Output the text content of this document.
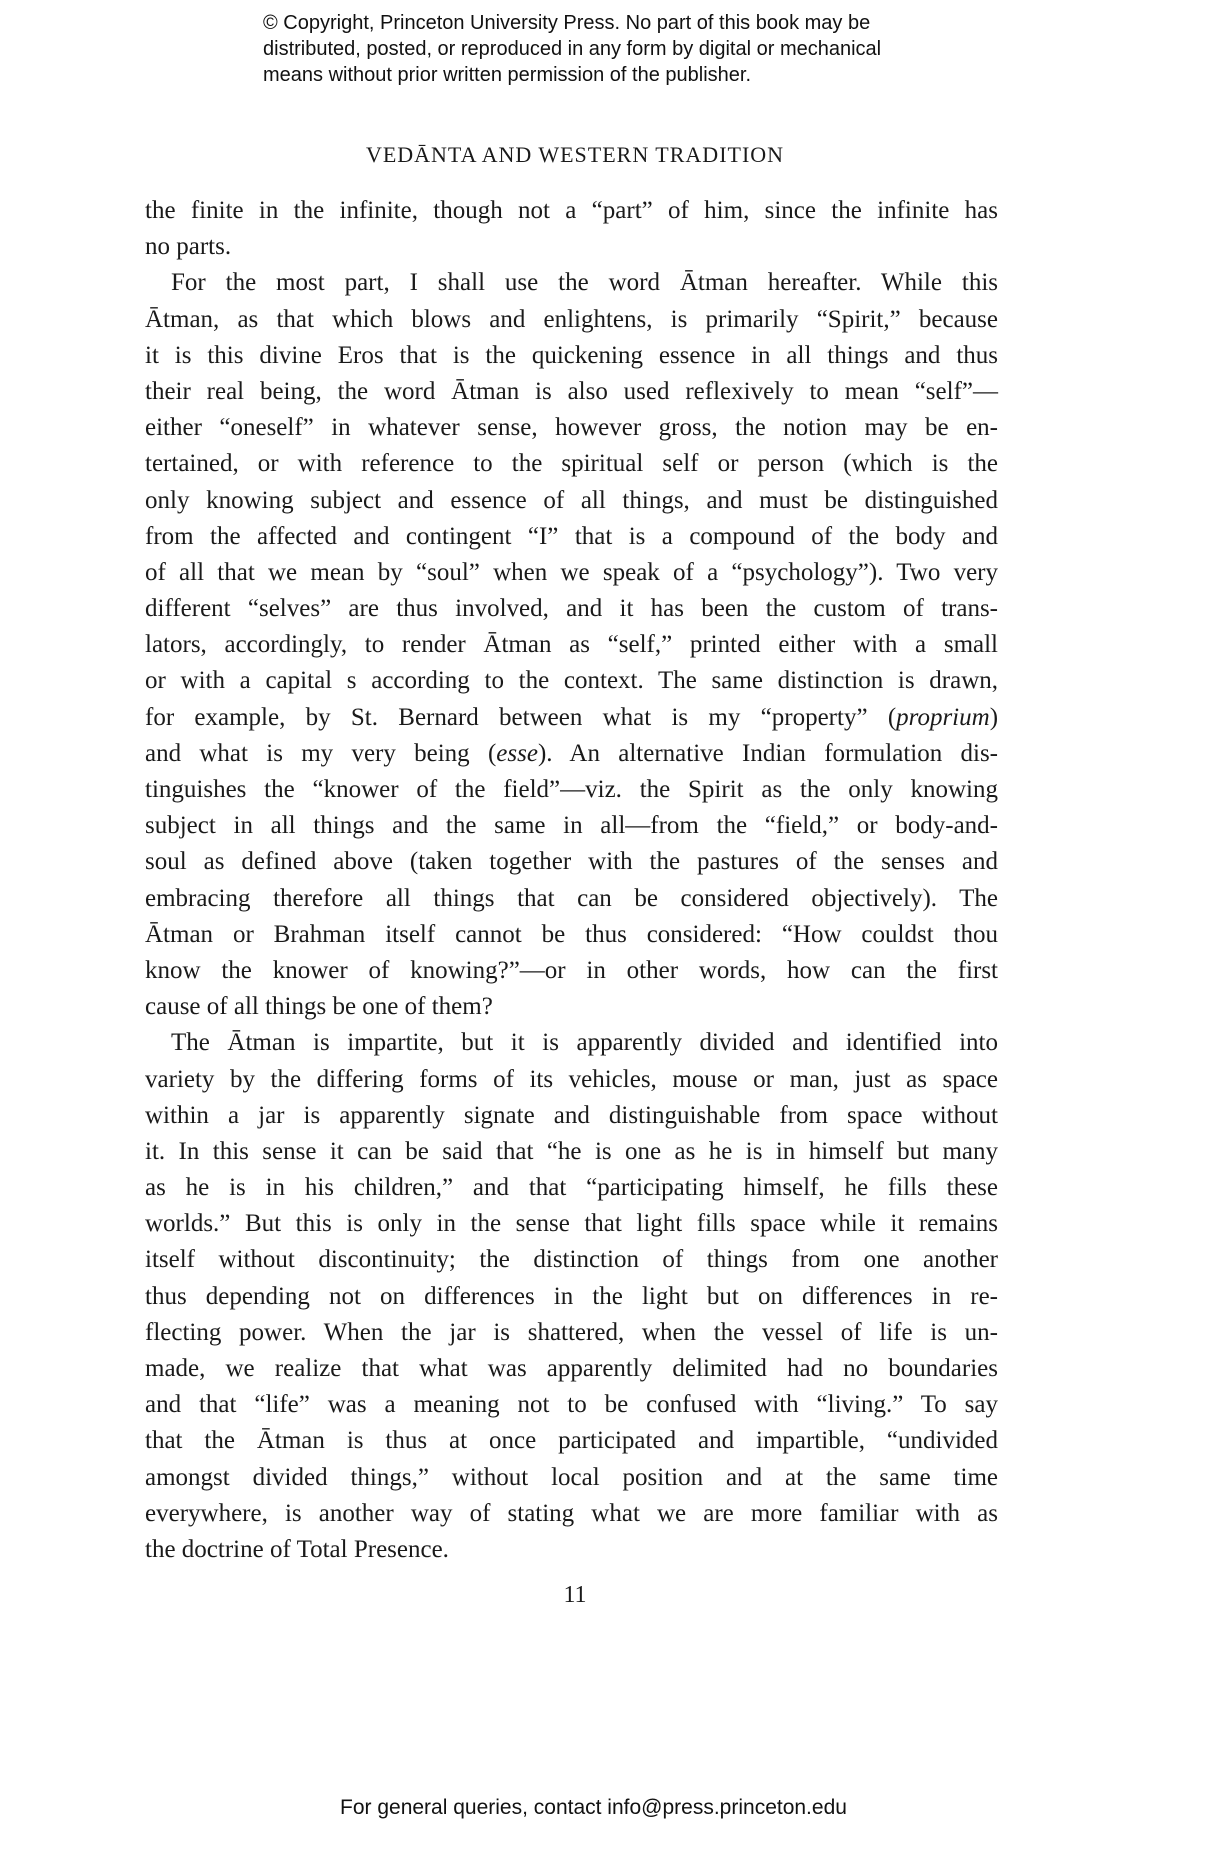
© Copyright, Princeton University Press. No part of this book may be
distributed, posted, or reproduced in any form by digital or mechanical
means without prior written permission of the publisher.
VEDĀNTA AND WESTERN TRADITION
the finite in the infinite, though not a “part” of him, since the infinite has
no parts.
For the most part, I shall use the word Ātman hereafter. While this
Ātman, as that which blows and enlightens, is primarily “Spirit,” because
it is this divine Eros that is the quickening essence in all things and thus
their real being, the word Ātman is also used reflexively to mean “self”—
either “oneself” in whatever sense, however gross, the notion may be en-
tertained, or with reference to the spiritual self or person (which is the
only knowing subject and essence of all things, and must be distinguished
from the affected and contingent “I” that is a compound of the body and
of all that we mean by “soul” when we speak of a “psychology”). Two very
different “selves” are thus involved, and it has been the custom of trans-
lators, accordingly, to render Ātman as “self,” printed either with a small
or with a capital s according to the context. The same distinction is drawn,
for example, by St. Bernard between what is my “property” (proprium)
and what is my very being (esse). An alternative Indian formulation dis-
tinguishes the “knower of the field”—viz. the Spirit as the only knowing
subject in all things and the same in all—from the “field,” or body-and-
soul as defined above (taken together with the pastures of the senses and
embracing therefore all things that can be considered objectively). The
Ātman or Brahman itself cannot be thus considered: “How couldst thou
know the knower of knowing?”—or in other words, how can the first
cause of all things be one of them?
The Ātman is impartite, but it is apparently divided and identified into
variety by the differing forms of its vehicles, mouse or man, just as space
within a jar is apparently signate and distinguishable from space without
it. In this sense it can be said that “he is one as he is in himself but many
as he is in his children,” and that “participating himself, he fills these
worlds.” But this is only in the sense that light fills space while it remains
itself without discontinuity; the distinction of things from one another
thus depending not on differences in the light but on differences in re-
flecting power. When the jar is shattered, when the vessel of life is un-
made, we realize that what was apparently delimited had no boundaries
and that “life” was a meaning not to be confused with “living.” To say
that the Ātman is thus at once participated and impartible, “undivided
amongst divided things,” without local position and at the same time
everywhere, is another way of stating what we are more familiar with as
the doctrine of Total Presence.
11
For general queries, contact info@press.princeton.edu
